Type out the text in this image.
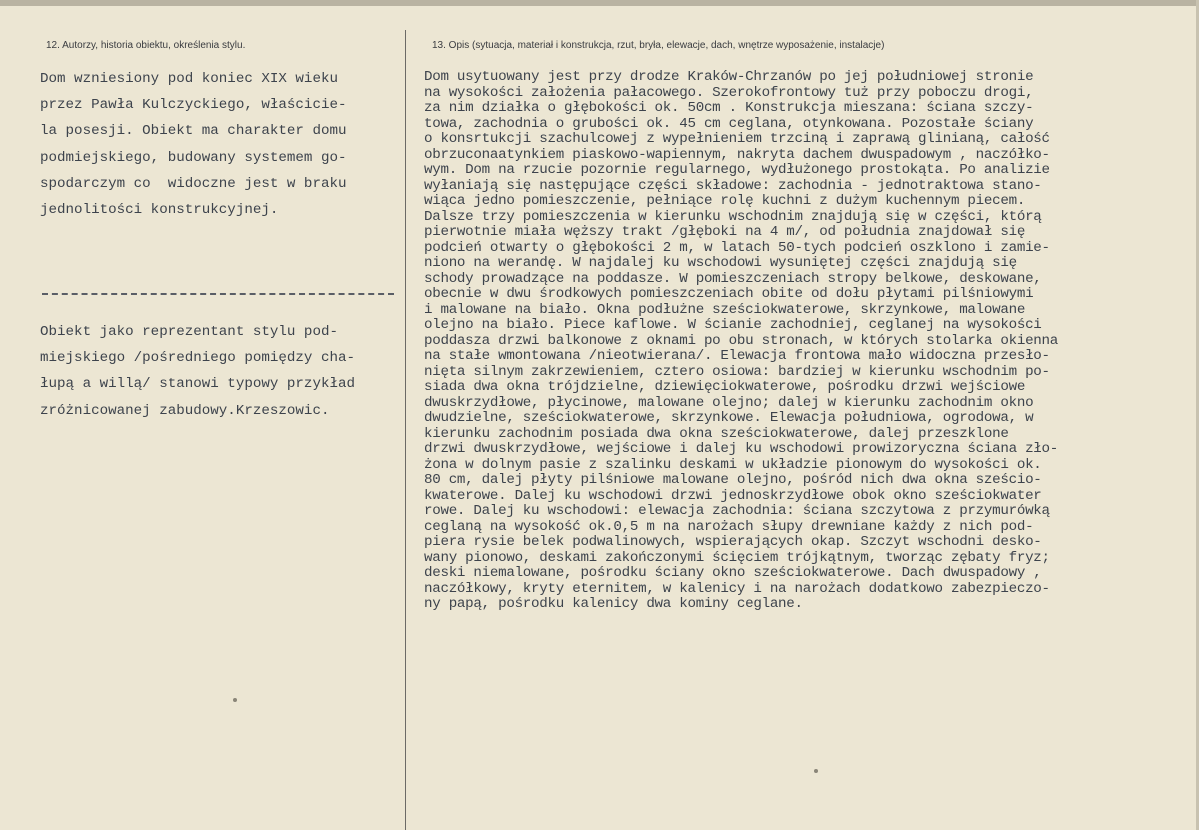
12. Autorzy, historia obiektu, określenia stylu.	13. Opis (sytuacja, materiał i konstrukcja, rzut, bryła, elewacje, dach, wnętrze wyposażenie, instalacje)
Dom wzniesiony pod koniec XIX wieku
przez Pawła Kulczyckiego, właściciе-
la posesji. Obiekt ma charakter domu
podmiejskiego, budowany systemem go-
spodarczym co  widoczne jest w braku
jednolitości konstrukcyjnej.
Obiekt jako reprezentant stylu pod-
miejskiego /pośredniego pomiędzy cha-
łupą a willą/ stanowi typowy przykład
zróżnicowanej zabudowy.Krzeszowic.
Dom usytuowany jest przy drodze Kraków-Chrzanów po jej południowej stronie
na wysokości założenia pałacowego. Szerokofrontowy tuż przy poboczu drogi,
za nim działka o głębokości ok. 50cm . Konstrukcja mieszana: ściana szczy-
towa, zachodnia o grubości ok. 45 cm ceglana, otynkowana. Pozostałe ściany
o konsrtukcji szachulcowej z wypełnieniem trzciną i zaprawą glinianą, całość
obrzuconaatynkiem piaskowo-wapiennym, nakryta dachem dwuspadowym , naczółko-
wym. Dom na rzucie pozornie regularnego, wydłużonego prostokąta. Po analizie
wyłaniają się następujące części składowe: zachodnia - jednotraktowa stano-
wiąca jedno pomieszczenie, pełniące rolę kuchni z dużym kuchennym piecem.
Dalsze trzy pomieszczenia w kierunku wschodnim znajdują się w części, którą
pierwotnie miała węższy trakt /głęboki na 4 m/, od południa znajdował się
podcień otwarty o głębokości 2 m, w latach 50-tych podcień oszklono i zamie-
niono na werandę. W najdalej ku wschodowi wysuniętej części znajdują się
schody prowadzące na poddasze. W pomieszczeniach stropy belkowe, deskowane,
obecnie w dwu środkowych pomieszczeniach obite od dołu płytami pilśniowymi
i malowane na biało. Okna podłużne sześciokwaterowe, skrzynkowe, malowane
olejno na biało. Piece kaflowe. W ścianie zachodniej, ceglanej na wysokości
poddasza drzwi balkonowe z oknami po obu stronach, w których stolarka okienna
na stałe wmontowana /nieotwierana/. Elewacja frontowa mało widoczna przesło-
nięta silnym zakrzewieniem, cztero osiowa: bardziej w kierunku wschodnim po-
siada dwa okna trójdzielne, dziewięciokwaterowe, pośrodku drzwi wejściowe
dwuskrzydłowe, płycinowe, malowane olejno; dalej w kierunku zachodnim okno
dwudzielne, sześciokwaterowe, skrzynkowe. Elewacja południowa, ogrodowa, w
kierunku zachodnim posiada dwa okna sześciokwaterowe, dalej przeszklone
drzwi dwuskrzydłowe, wejściowe i dalej ku wschodowi prowizoryczna ściana zło-
żona w dolnym pasie z szalinku deskami w układzie pionowym do wysokości ok.
80 cm, dalej płyty pilśniowe malowane olejno, pośród nich dwa okna sześcio-
kwaterowe. Dalej ku wschodowi drzwi jednoskrzydłowe obok okno sześciokwater
rowe. Dalej ku wschodowi: elewacja zachodnia: ściana szczytowa z przymurówką
ceglaną na wysokość ok.0,5 m na narożach słupy drewniane każdy z nich pod-
piera rysie belek podwalinowych, wspierających okap. Szczyt wschodni desko-
wany pionowo, deskami zakończonymi ścięciem trójkątnym, tworząc zębaty fryz;
deski niemalowane, pośrodku ściany okno sześciokwaterowe. Dach dwuspadowy ,
naczółkowy, kryty eternitem, w kalenicy i na narożach dodatkowo zabezpieczo-
ny papą, pośrodku kalenicy dwa kominy ceglane.
